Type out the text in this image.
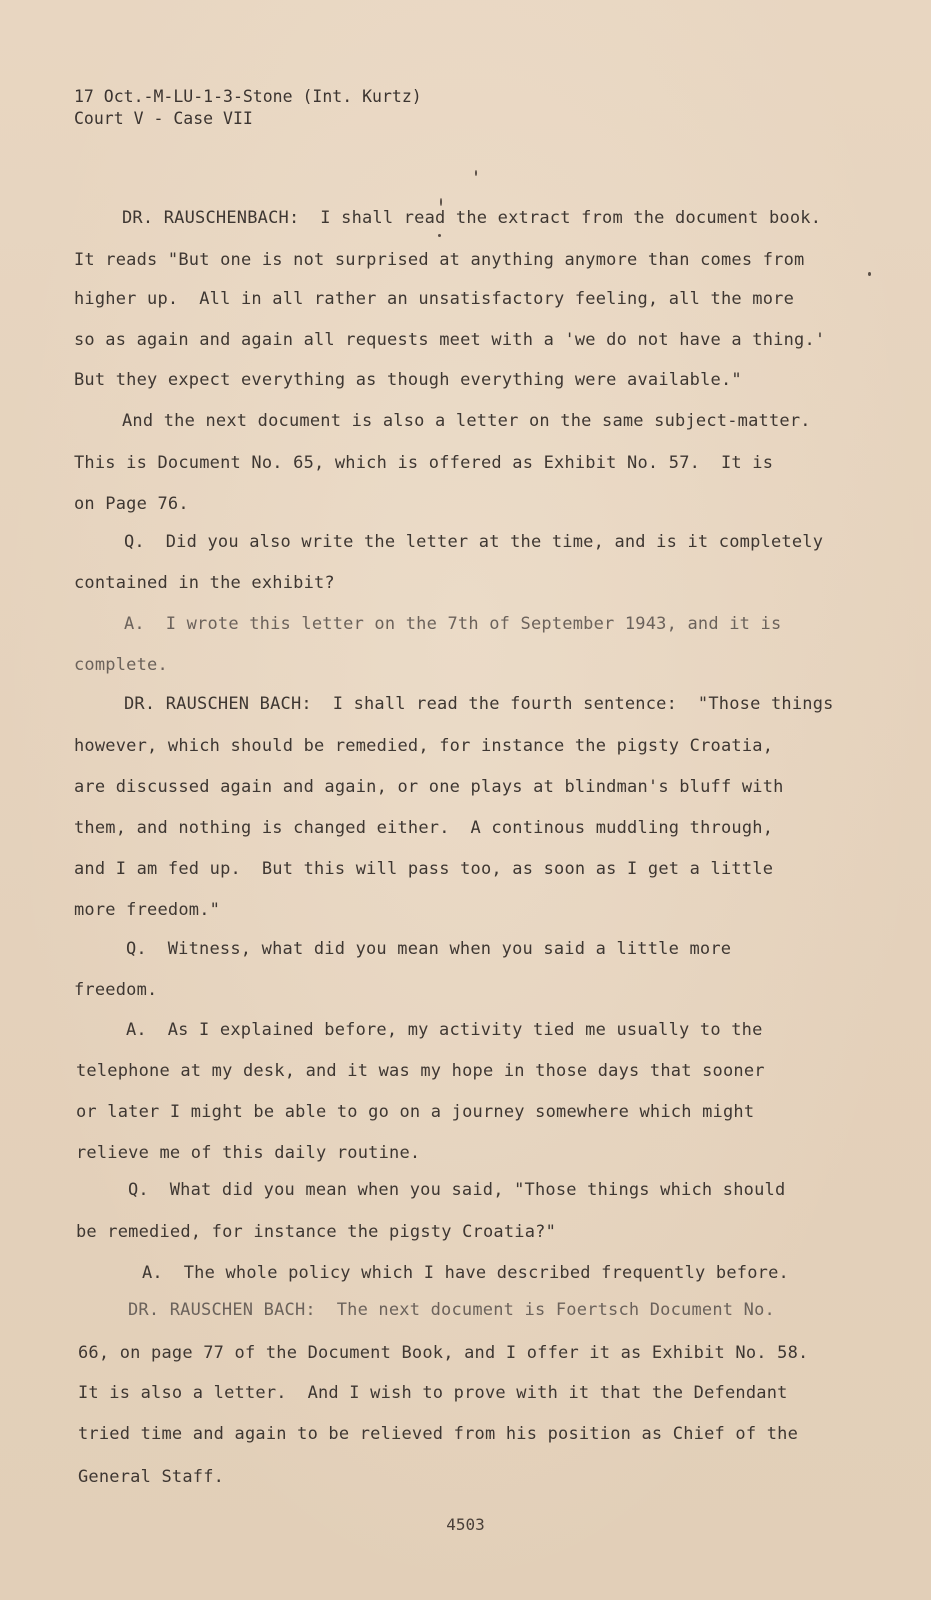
17 Oct.-M-LU-1-3-Stone (Int. Kurtz)
Court V - Case VII
DR. RAUSCHENBACH:  I shall read the extract from the document book.
It reads "But one is not surprised at anything anymore than comes from
higher up.  All in all rather an unsatisfactory feeling, all the more
so as again and again all requests meet with a 'we do not have a thing.'
But they expect everything as though everything were available."
And the next document is also a letter on the same subject-matter.
This is Document No. 65, which is offered as Exhibit No. 57.  It is
on Page 76.
Q.  Did you also write the letter at the time, and is it completely
contained in the exhibit?
A.  I wrote this letter on the 7th of September 1943, and it is
complete.
DR. RAUSCHEN BACH:  I shall read the fourth sentence:  "Those things
however, which should be remedied, for instance the pigsty Croatia,
are discussed again and again, or one plays at blindman's bluff with
them, and nothing is changed either.  A continous muddling through,
and I am fed up.  But this will pass too, as soon as I get a little
more freedom."
Q.  Witness, what did you mean when you said a little more
freedom.
A.  As I explained before, my activity tied me usually to the
telephone at my desk, and it was my hope in those days that sooner
or later I might be able to go on a journey somewhere which might
relieve me of this daily routine.
Q.  What did you mean when you said, "Those things which should
be remedied, for instance the pigsty Croatia?"
A.  The whole policy which I have described frequently before.
DR. RAUSCHEN BACH:  The next document is Foertsch Document No.
66, on page 77 of the Document Book, and I offer it as Exhibit No. 58.
It is also a letter.  And I wish to prove with it that the Defendant
tried time and again to be relieved from his position as Chief of the
General Staff.
4503
